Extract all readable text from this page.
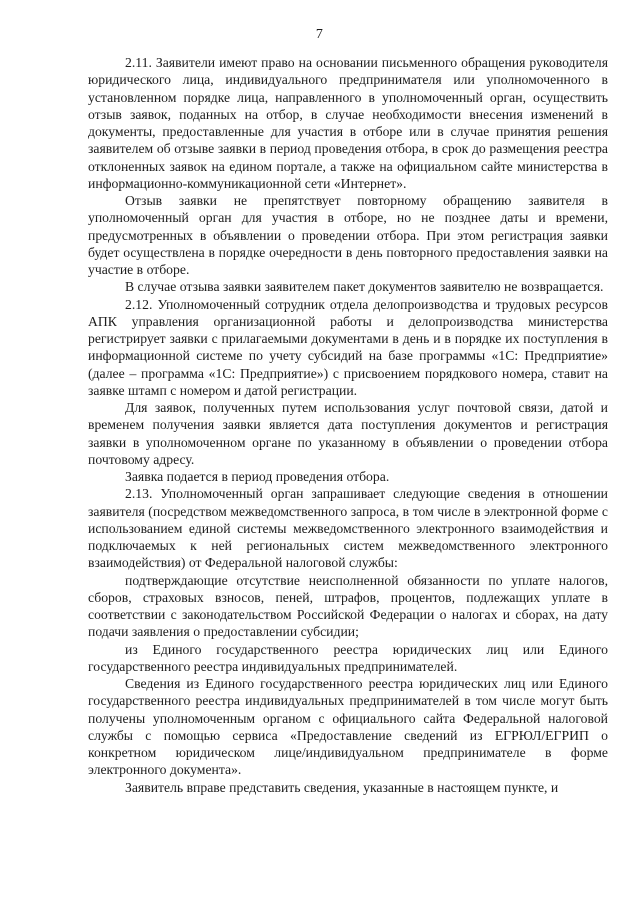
7

2.11. Заявители имеют право на основании письменного обращения руководителя юридического лица, индивидуального предпринимателя или уполномоченного в установленном порядке лица, направленного в уполномоченный орган, осуществить отзыв заявок, поданных на отбор, в случае необходимости внесения изменений в документы, предоставленные для участия в отборе или в случае принятия решения заявителем об отзыве заявки в период проведения отбора, в срок до размещения реестра отклоненных заявок на едином портале, а также на официальном сайте министерства в информационно-коммуникационной сети «Интернет».

Отзыв заявки не препятствует повторному обращению заявителя в уполномоченный орган для участия в отборе, но не позднее даты и времени, предусмотренных в объявлении о проведении отбора. При этом регистрация заявки будет осуществлена в порядке очередности в день повторного предоставления заявки на участие в отборе.

В случае отзыва заявки заявителем пакет документов заявителю не возвращается.

2.12. Уполномоченный сотрудник отдела делопроизводства и трудовых ресурсов АПК управления организационной работы и делопроизводства министерства регистрирует заявки с прилагаемыми документами в день и в порядке их поступления в информационной системе по учету субсидий на базе программы «1С: Предприятие» (далее – программа «1С: Предприятие») с присвоением порядкового номера, ставит на заявке штамп с номером и датой регистрации.

Для заявок, полученных путем использования услуг почтовой связи, датой и временем получения заявки является дата поступления документов и регистрация заявки в уполномоченном органе по указанному в объявлении о проведении отбора почтовому адресу.

Заявка подается в период проведения отбора.

2.13. Уполномоченный орган запрашивает следующие сведения в отношении заявителя (посредством межведомственного запроса, в том числе в электронной форме с использованием единой системы межведомственного электронного взаимодействия и подключаемых к ней региональных систем межведомственного электронного взаимодействия) от Федеральной налоговой службы:

подтверждающие отсутствие неисполненной обязанности по уплате налогов, сборов, страховых взносов, пеней, штрафов, процентов, подлежащих уплате в соответствии с законодательством Российской Федерации о налогах и сборах, на дату подачи заявления о предоставлении субсидии;

из Единого государственного реестра юридических лиц или Единого государственного реестра индивидуальных предпринимателей.

Сведения из Единого государственного реестра юридических лиц или Единого государственного реестра индивидуальных предпринимателей в том числе могут быть получены уполномоченным органом с официального сайта Федеральной налоговой службы с помощью сервиса «Предоставление сведений из ЕГРЮЛ/ЕГРИП о конкретном юридическом лице/индивидуальном предпринимателе в форме электронного документа».

Заявитель вправе представить сведения, указанные в настоящем пункте, и
